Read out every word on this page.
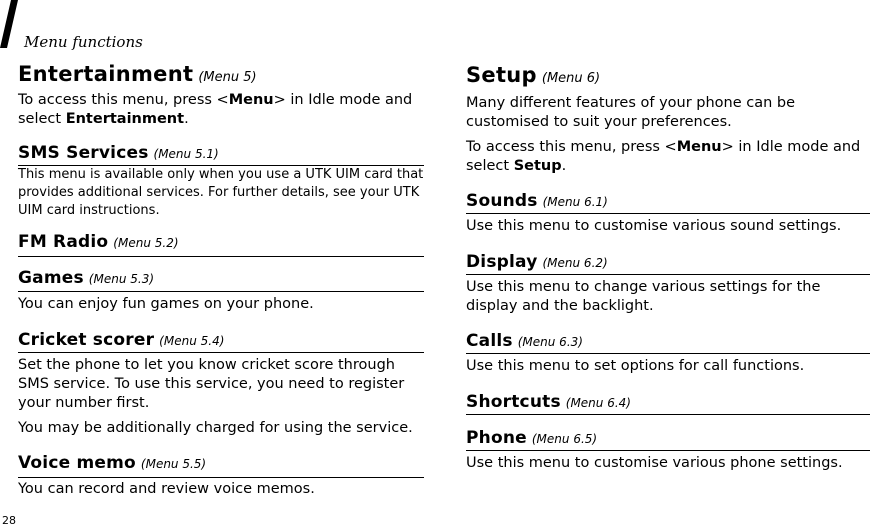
Menu functions
Entertainment (Menu 5)
To access this menu, press <Menu> in Idle mode and select Entertainment.
SMS Services (Menu 5.1)
This menu is available only when you use a UTK UIM card that provides additional services. For further details, see your UTK UIM card instructions.
FM Radio (Menu 5.2)
Games (Menu 5.3)
You can enjoy fun games on your phone.
Cricket scorer (Menu 5.4)
Set the phone to let you know cricket score through SMS service. To use this service, you need to register your number first.
You may be additionally charged for using the service.
Voice memo (Menu 5.5)
You can record and review voice memos.
Setup (Menu 6)
Many different features of your phone can be customised to suit your preferences.
To access this menu, press <Menu> in Idle mode and select Setup.
Sounds (Menu 6.1)
Use this menu to customise various sound settings.
Display (Menu 6.2)
Use this menu to change various settings for the display and the backlight.
Calls (Menu 6.3)
Use this menu to set options for call functions.
Shortcuts (Menu 6.4)
Phone (Menu 6.5)
Use this menu to customise various phone settings.
28
